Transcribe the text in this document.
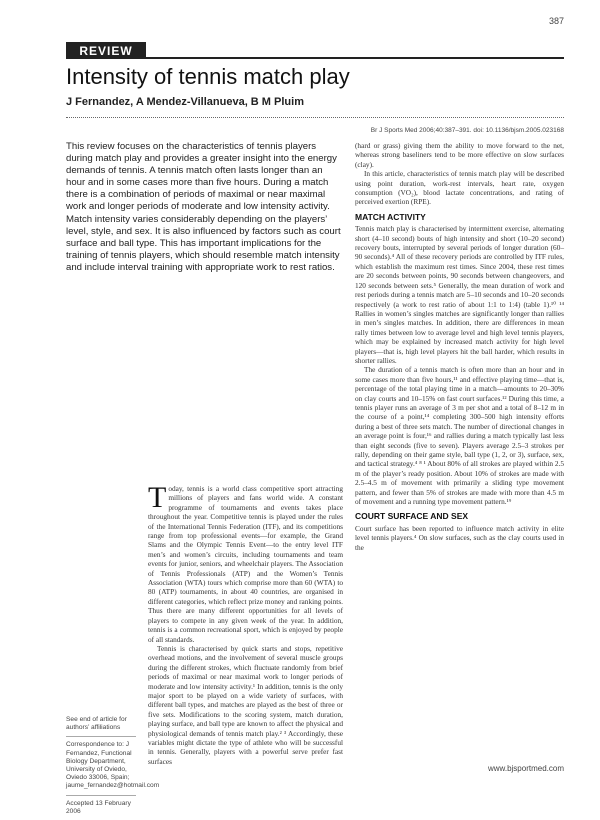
387
REVIEW
Intensity of tennis match play
J Fernandez, A Mendez-Villanueva, B M Pluim
Br J Sports Med 2006;40:387–391. doi: 10.1136/bjsm.2005.023168
This review focuses on the characteristics of tennis players during match play and provides a greater insight into the energy demands of tennis. A tennis match often lasts longer than an hour and in some cases more than five hours. During a match there is a combination of periods of maximal or near maximal work and longer periods of moderate and low intensity activity. Match intensity varies considerably depending on the players’ level, style, and sex. It is also influenced by factors such as court surface and ball type. This has important implications for the training of tennis players, which should resemble match intensity and include interval training with appropriate work to rest ratios.

Today, tennis is a world class competitive sport attracting millions of players and fans world wide. A constant programme of tournaments and events takes place throughout the year. Competitive tennis is played under the rules of the International Tennis Federation (ITF), and its competitions range from top professional events—for example, the Grand Slams and the Olympic Tennis Event—to the entry level ITF men’s and women’s circuits, including tournaments and team events for junior, seniors, and wheelchair players. The Association of Tennis Professionals (ATP) and the Women’s Tennis Association (WTA) tours which comprise more than 60 (WTA) to 80 (ATP) tournaments, in about 40 countries, are organised in different categories, which reflect prize money and ranking points. Thus there are many different opportunities for all levels of players to compete in any given week of the year. In addition, tennis is a common recreational sport, which is enjoyed by people of all standards.

Tennis is characterised by quick starts and stops, repetitive overhead motions, and the involvement of several muscle groups during the different strokes, which fluctuate randomly from brief periods of maximal or near maximal work to longer periods of moderate and low intensity activity.¹ In addition, tennis is the only major sport to be played on a wide variety of surfaces, with different ball types, and matches are played as the best of three or five sets. Modifications to the scoring system, match duration, playing surface, and ball type are known to affect the physical and physiological demands of tennis match play.² ³ Accordingly, these variables might dictate the type of athlete who will be successful in tennis. Generally, players with a powerful serve prefer fast surfaces

(hard or grass) giving them the ability to move forward to the net, whereas strong baseliners tend to be more effective on slow surfaces (clay).

In this article, characteristics of tennis match play will be described using point duration, work-rest intervals, heart rate, oxygen consumption (VO₂), blood lactate concentrations, and rating of perceived exertion (RPE).

MATCH ACTIVITY

Tennis match play is characterised by intermittent exercise, alternating short (4–10 second) bouts of high intensity and short (10–20 second) recovery bouts, interrupted by several periods of longer duration (60–90 seconds).⁴ All of these recovery periods are controlled by ITF rules, which establish the maximum rest times. Since 2004, these rest times are 20 seconds between points, 90 seconds between changeovers, and 120 seconds between sets.⁵ Generally, the mean duration of work and rest periods during a tennis match are 5–10 seconds and 10–20 seconds respectively (a work to rest ratio of about 1:1 to 1:4) (table 1).¹⁰ ¹⁴ Rallies in women’s singles matches are significantly longer than rallies in men’s singles matches. In addition, there are differences in mean rally times between low to average level and high level tennis players, which may be explained by increased match activity for high level players—that is, high level players hit the ball harder, which results in shorter rallies.

The duration of a tennis match is often more than an hour and in some cases more than five hours,¹¹ and effective playing time—that is, percentage of the total playing time in a match—amounts to 20–30% on clay courts and 10–15% on fast court surfaces.¹² During this time, a tennis player runs an average of 3 m per shot and a total of 8–12 m in the course of a point,¹⁴ completing 300–500 high intensity efforts during a best of three sets match. The number of directional changes in an average point is four,¹⁶ and rallies during a match typically last less than eight seconds (five to seven). Players average 2.5–3 strokes per rally, depending on their game style, ball type (1, 2, or 3), surface, sex, and tactical strategy.⁴ ⁸ ¹ About 80% of all strokes are played within 2.5 m of the player’s ready position. About 10% of strokes are made with 2.5–4.5 m of movement with primarily a sliding type movement pattern, and fewer than 5% of strokes are made with more than 4.5 m of movement and a running type movement pattern.¹⁹

COURT SURFACE AND SEX

Court surface has been reported to influence match activity in elite level tennis players.⁴ On slow surfaces, such as the clay courts used in the

See end of article for authors’ affiliations
Correspondence to: J Fernandez, Functional Biology Department, University of Oviedo, Oviedo 33006, Spain; jaume_fernandez@hotmail.com
Accepted 13 February 2006
www.bjsportmed.com
